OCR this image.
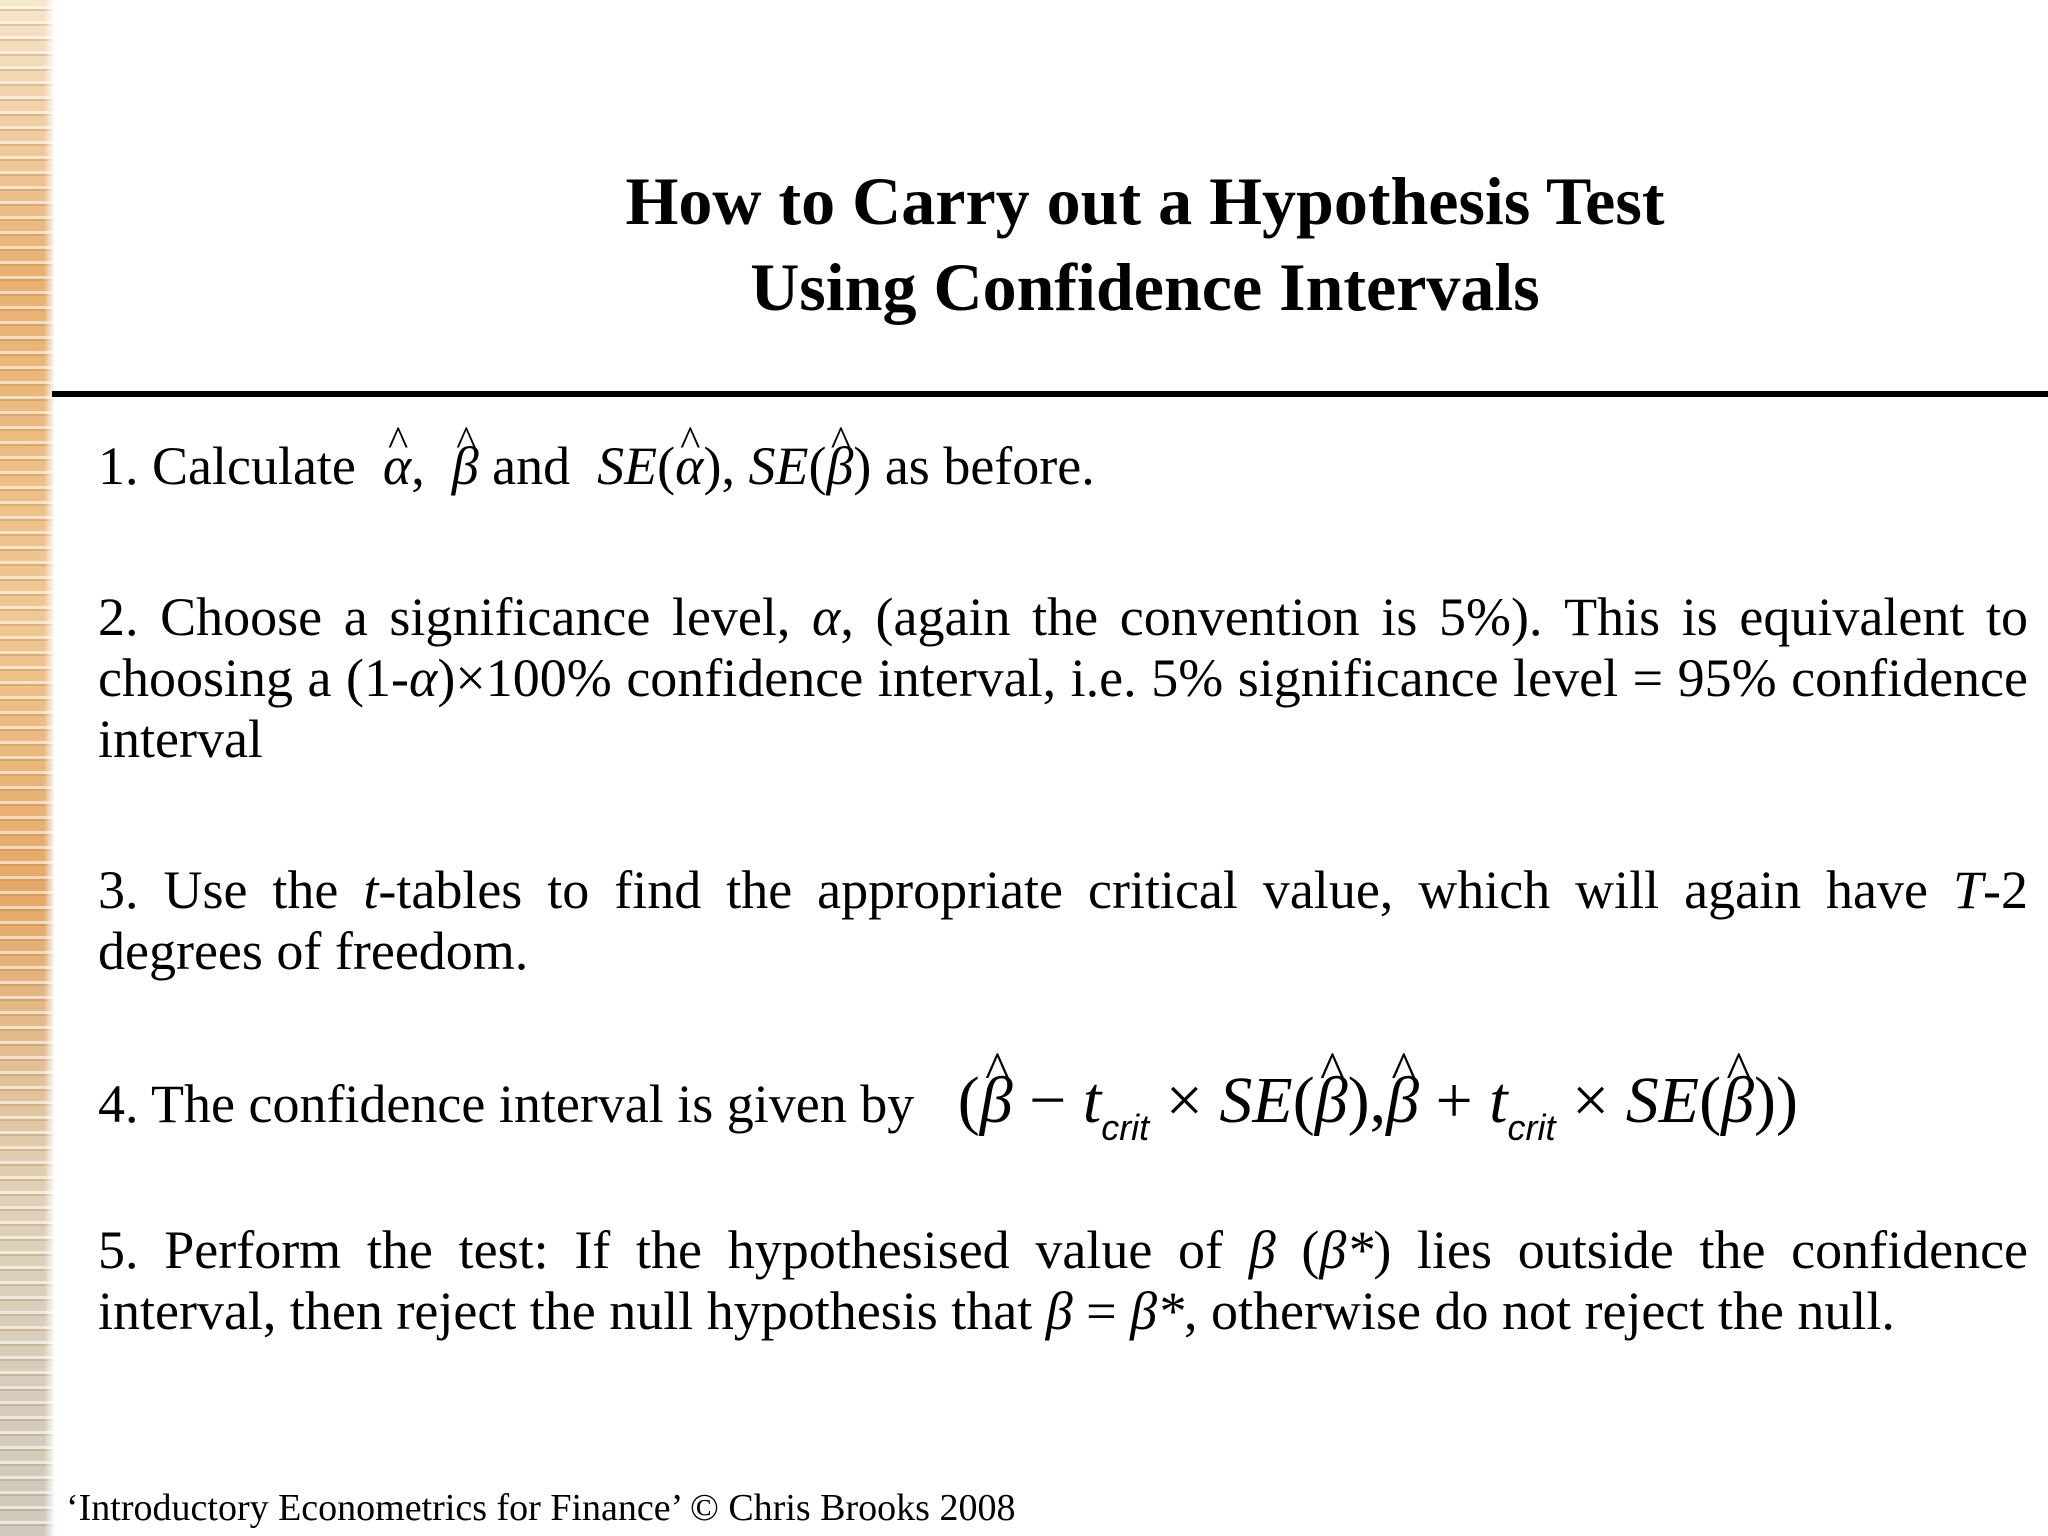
How to Carry out a Hypothesis Test
Using Confidence Intervals

1. Calculate ^ α, ^ β and SE(^ α), SE(^ β) as before.

2. Choose a significance level, α, (again the convention is 5%). This is equivalent to choosing a (1-α)×100% confidence interval, i.e. 5% significance level = 95% confidence interval

3. Use the t-tables to find the appropriate critical value, which will again have T-2 degrees of freedom.

4. The confidence interval is given by (^ $\beta - t_{crit}$ × SE(^ β),^ $\beta + t_{crit}$ × SE(^ β))

5. Perform the test: If the hypothesised value of β (β*) lies outside the confidence interval, then reject the null hypothesis that β = β*, otherwise do not reject the null.

‘Introductory Econometrics for Finance’ © Chris Brooks 2008
